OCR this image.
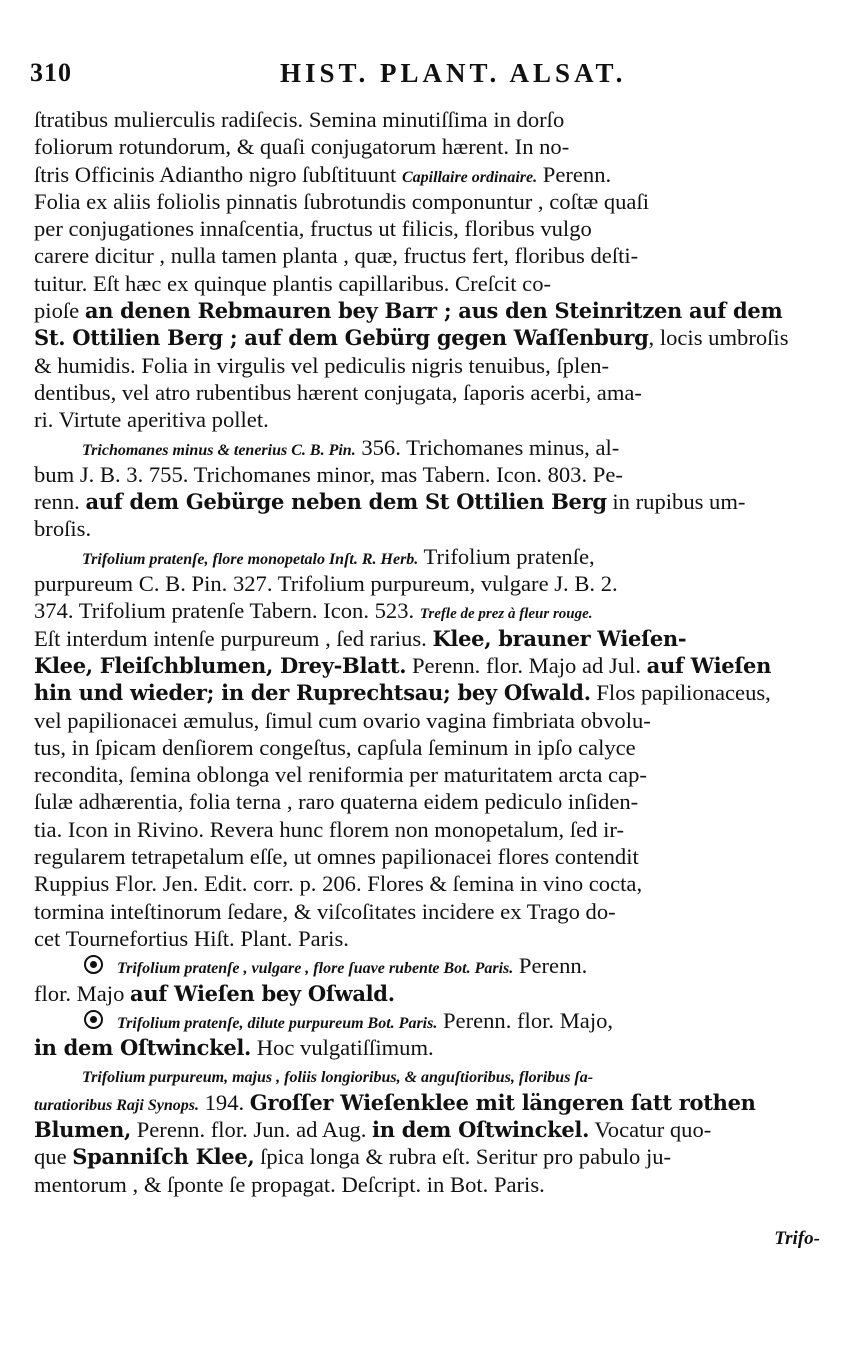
310	HIST. PLANT. ALSAT.
ſtratibus mulierculis radiſecis. Semina minutiſſima in dorſo
foliorum rotundorum, & quaſi conjugatorum hærent. In no-
ſtris Officinis Adiantho nigro ſubſtituunt Capillaire ordinaire. Perenn.
Folia ex aliis foliolis pinnatis ſubrotundis componuntur , coſtæ quaſi
per conjugationes innaſcentia, fructus ut filicis, floribus vulgo
carere dicitur , nulla tamen planta , quæ, fructus fert, floribus deſti-
tuitur. Eſt hæc ex quinque plantis capillaribus. Creſcit co-
pioſe an denen Rebmauren bey Barr ; aus den Steinritzen auf dem
St. Ottilien Berg ; auf dem Gebürg gegen Waſſenburg, locis umbroſis
& humidis. Folia in virgulis vel pediculis nigris tenuibus, ſplen-
dentibus, vel atro rubentibus hærent conjugata, ſaporis acerbi, ama-
ri. Virtute aperitiva pollet.
Trichomanes minus & tenerius C. B. Pin. 356. Trichomanes minus, al-
bum J. B. 3. 755. Trichomanes minor, mas Tabern. Icon. 803. Pe-
renn. auf dem Gebürge neben dem St Ottilien Berg in rupibus um-
broſis.
Trifolium pratenſe, flore monopetalo Inſt. R. Herb. Trifolium pratenſe,
purpureum C. B. Pin. 327. Trifolium purpureum, vulgare J. B. 2.
374. Trifolium pratenſe Tabern. Icon. 523. Trefle de prez à fleur rouge.
Eſt interdum intenſe purpureum , ſed rarius. Klee, brauner Wieſen-
Klee, Fleiſchblumen, Drey-Blatt. Perenn. flor. Majo ad Jul. auf Wieſen
hin und wieder; in der Ruprechtsau; bey Oſwald. Flos papilionaceus,
vel papilionacei æmulus, ſimul cum ovario vagina fimbriata obvolu-
tus, in ſpicam denſiorem congeſtus, capſula ſeminum in ipſo calyce
recondita, ſemina oblonga vel reniformia per maturitatem arcta cap-
ſulæ adhærentia, folia terna , raro quaterna eidem pediculo inſiden-
tia. Icon in Rivino. Revera hunc florem non monopetalum, ſed ir-
regularem tetrapetalum eſſe, ut omnes papilionacei flores contendit
Ruppius Flor. Jen. Edit. corr. p. 206. Flores & ſemina in vino cocta,
tormina inteſtinorum ſedare, & viſcoſitates incidere ex Trago do-
cet Tournefortius Hiſt. Plant. Paris.
Trifolium pratenſe , vulgare , flore ſuave rubente Bot. Paris. Perenn.
flor. Majo auf Wieſen bey Oſwald.
Trifolium pratenſe, dilute purpureum Bot. Paris. Perenn. flor. Majo,
in dem Oſtwinckel. Hoc vulgatiſſimum.
Trifolium purpureum, majus , foliis longioribus, & anguſtioribus, floribus ſa-
turatioribus Raji Synops. 194. Groſſer Wieſenklee mit längeren ſatt rothen
Blumen, Perenn. flor. Jun. ad Aug. in dem Oſtwinckel. Vocatur quo-
que Spanniſch Klee, ſpica longa & rubra eſt. Seritur pro pabulo ju-
mentorum , & ſponte ſe propagat. Deſcript. in Bot. Paris.
Trifo-
